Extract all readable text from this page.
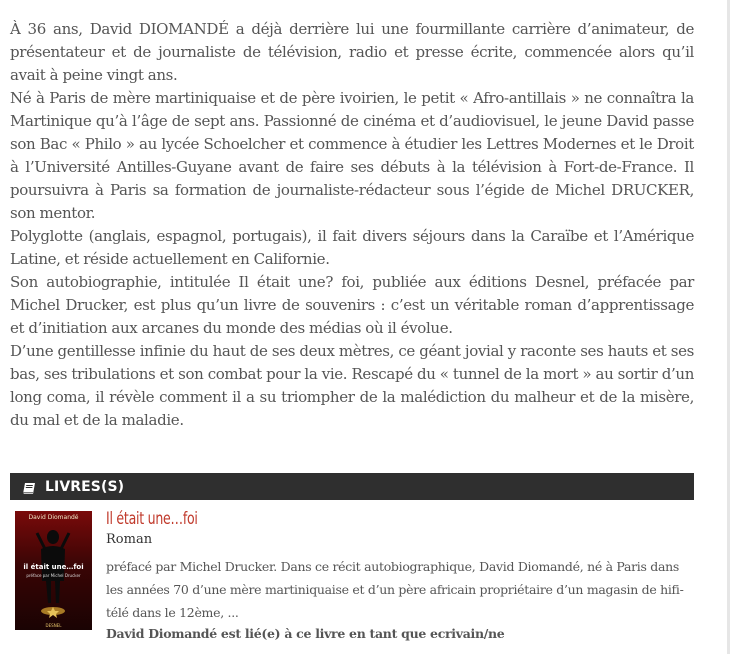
À 36 ans, David DIOMANDÉ a déjà derrière lui une fourmillante carrière d’animateur, de présentateur et de journaliste de télévision, radio et presse écrite, commencée alors qu’il avait à peine vingt ans.

Né à Paris de mère martiniquaise et de père ivoirien, le petit « Afro-antillais » ne connaîtra la Martinique qu’à l’âge de sept ans. Passionné de cinéma et d’audiovisuel, le jeune David passe son Bac « Philo » au lycée Schoelcher et commence à étudier les Lettres Modernes et le Droit à l’Université Antilles-Guyane avant de faire ses débuts à la télévision à Fort-de-France. Il poursuivra à Paris sa formation de journaliste-rédacteur sous l’égide de Michel DRUCKER, son mentor.

Polyglotte (anglais, espagnol, portugais), il fait divers séjours dans la Caraïbe et l’Amérique Latine, et réside actuellement en Californie.

Son autobiographie, intitulée Il était une? foi, publiée aux éditions Desnel, préfacée par Michel Drucker, est plus qu’un livre de souvenirs : c’est un véritable roman d’apprentissage et d’initiation aux arcanes du monde des médias où il évolue.

D’une gentillesse infinie du haut de ses deux mètres, ce géant jovial y raconte ses hauts et ses bas, ses tribulations et son combat pour la vie. Rescapé du « tunnel de la mort » au sortir d’un long coma, il révèle comment il a su triompher de la malédiction du malheur et de la misère, du mal et de la maladie.

LIVRES(S)
David Diomandé
il était une…foi
préface par Michel Drucker
DESNEL
Il était une…foi
Roman

préfacé par Michel Drucker. Dans ce récit autobiographique, David Diomandé, né à Paris dans les années 70 d’une mère martiniquaise et d’un père africain propriétaire d’un magasin de hifi-télé dans le 12ème, ...

David Diomandé est lié(e) à ce livre en tant que ecrivain/ne
